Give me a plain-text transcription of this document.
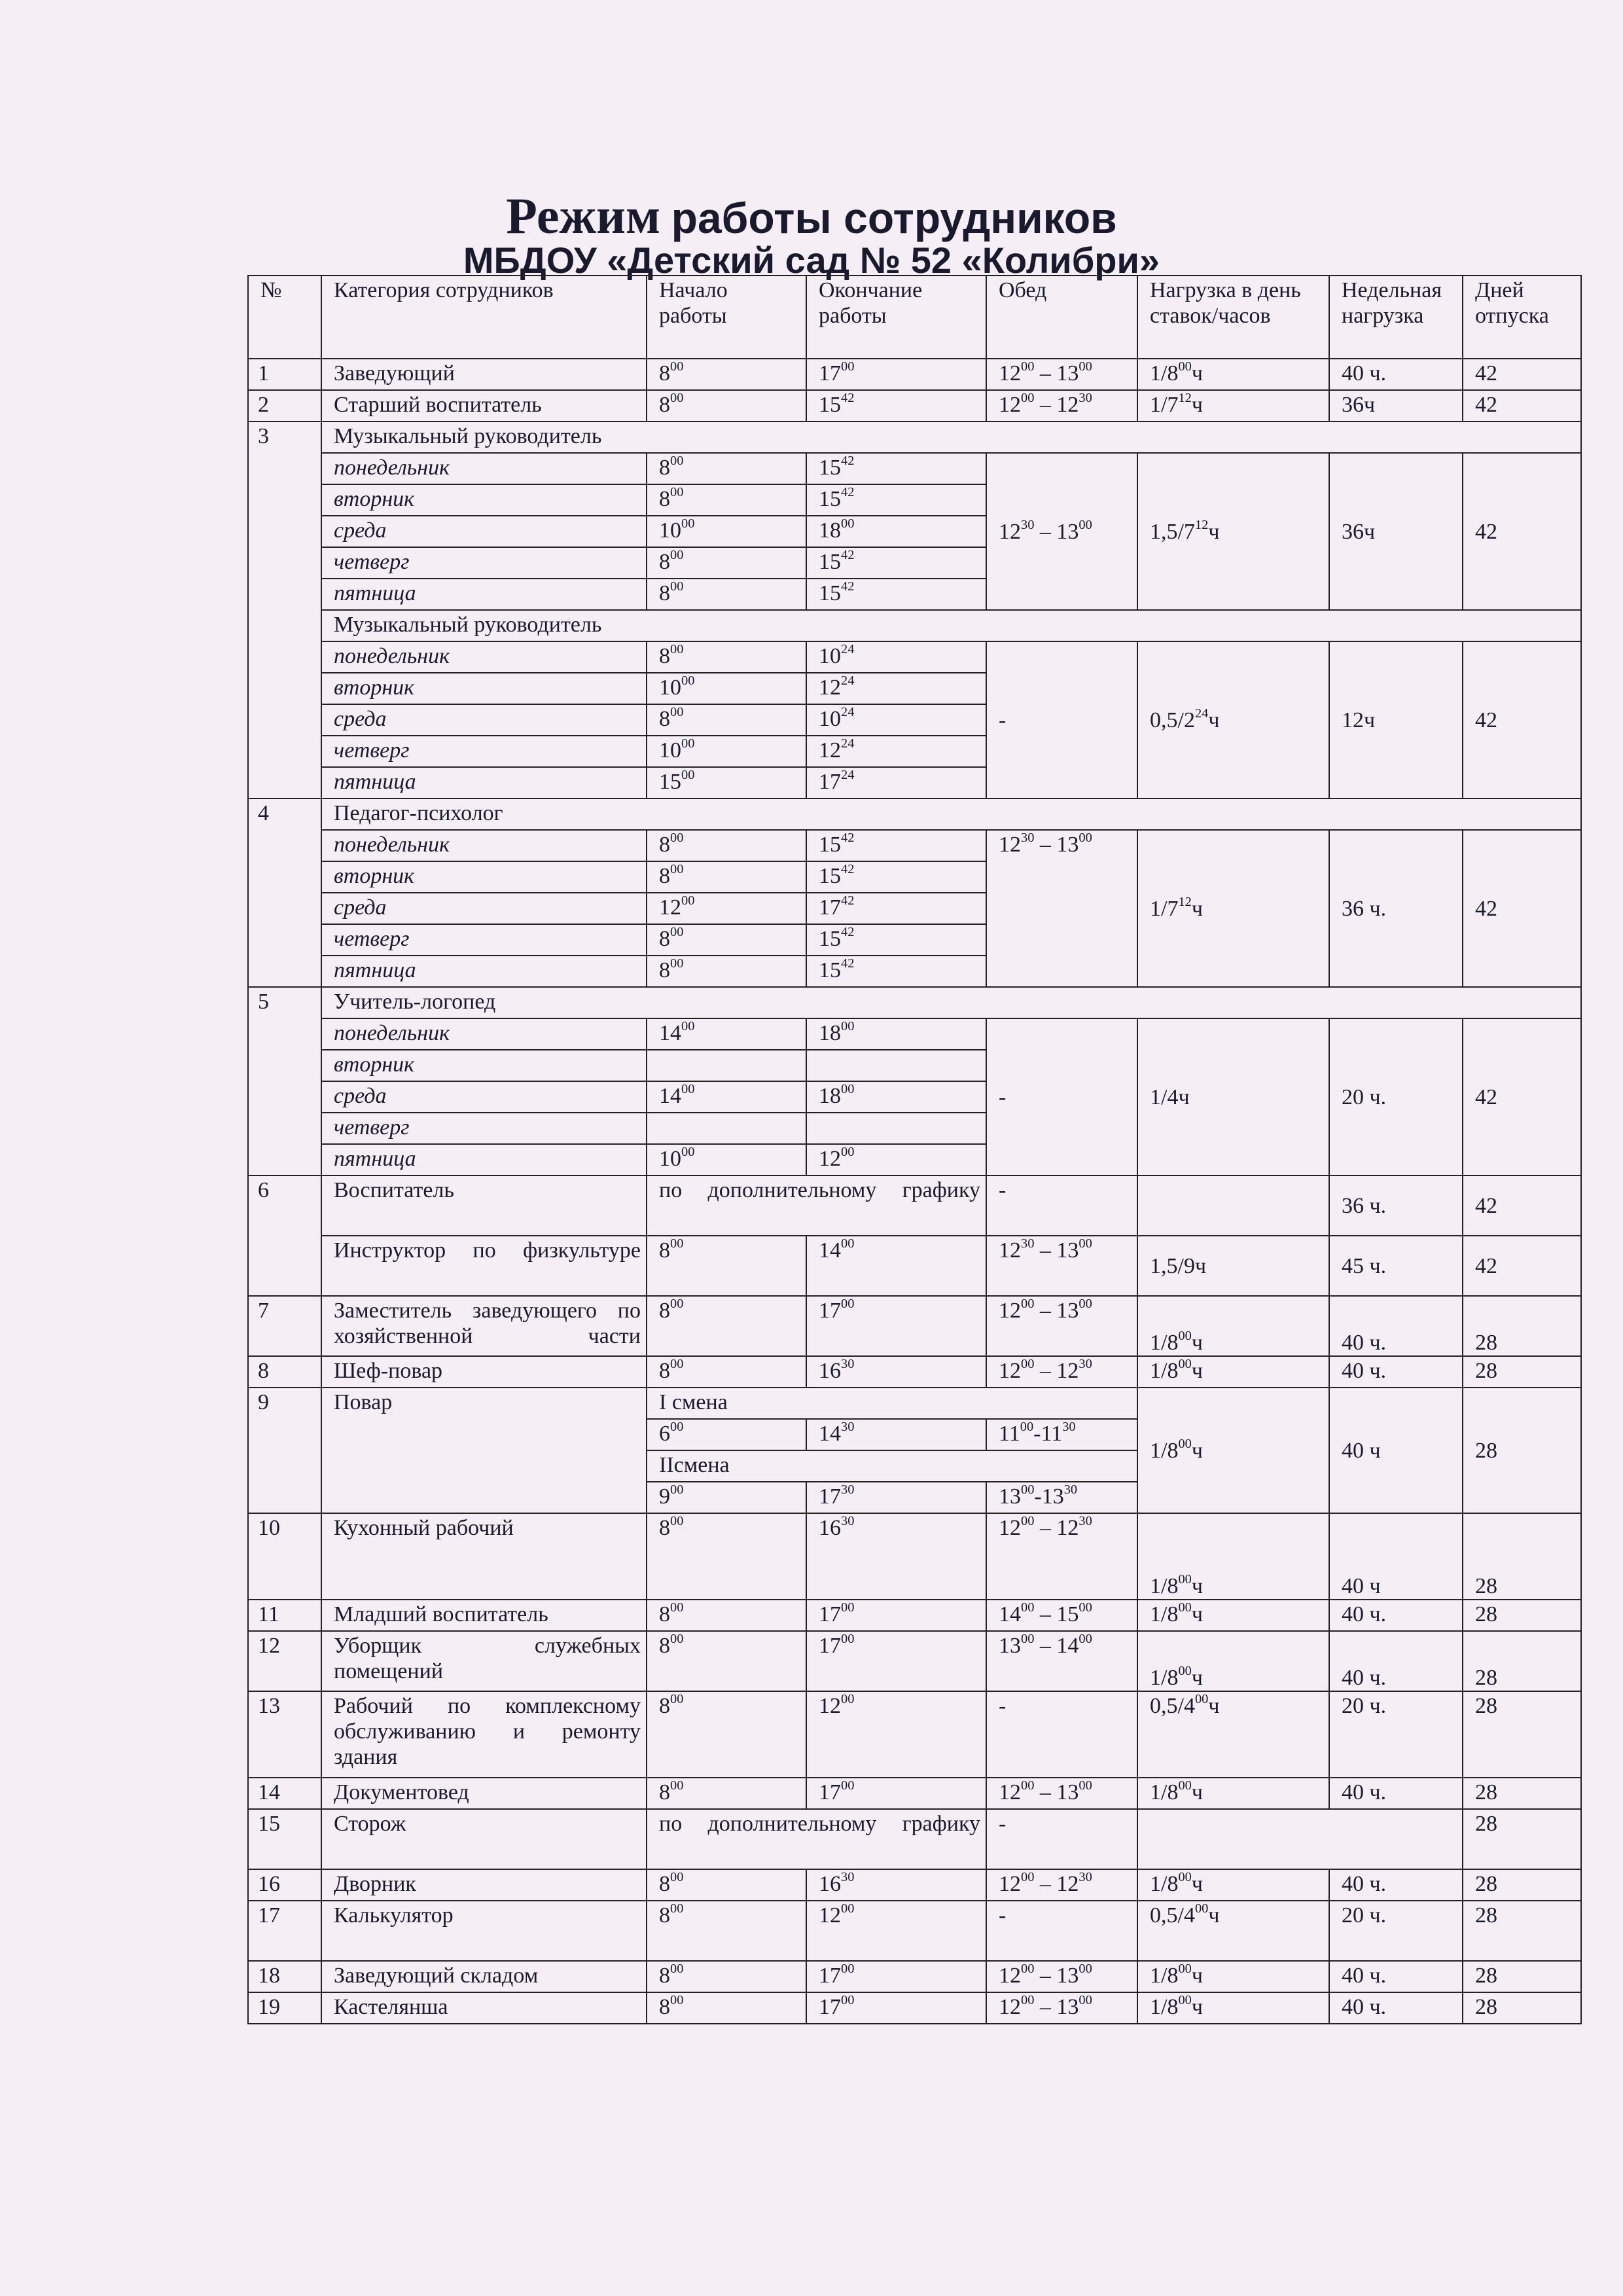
Режим работы сотрудников
МБДОУ «Детский сад № 52 «Колибри»
№	Категория сотрудников	Начало работы	Окончание работы	Обед	Нагрузка в день ставок/часов	Недельная нагрузка	Дней отпуска
1	Заведующий	$8^{00}$	$17^{00}$	$12^{00} - 13^{00}$	$1/8^{00}ч$	40 ч.	42
2	Старший воспитатель	$8^{00}$	$15^{42}$	$12^{00} - 12^{30}$	$1/7^{12}ч$	36ч	42
3	Музыкальный руководитель						
	понедельник	$8^{00}$	$15^{42}$	$12^{30} - 13^{00}$	$1,5/7^{12}ч$	36ч	42
	вторник	$8^{00}$	$15^{42}$
	среда	$10^{00}$	$18^{00}$
	четверг	$8^{00}$	$15^{42}$
	пятница	$8^{00}$	$15^{42}$
	Музыкальный руководитель						
	понедельник	$8^{00}$	$10^{24}$	-	$0,5/2^{24}ч$	12ч	42
	вторник	$10^{00}$	$12^{24}$
	среда	$8^{00}$	$10^{24}$
	четверг	$10^{00}$	$12^{24}$
	пятница	$15^{00}$	$17^{24}$
4	Педагог-психолог						
	понедельник	$8^{00}$	$15^{42}$	$12^{30} - 13^{00}$	$1/7^{12}ч$	36 ч.	42
	вторник	$8^{00}$	$15^{42}$
	среда	$12^{00}$	$17^{42}$
	четверг	$8^{00}$	$15^{42}$
	пятница	$8^{00}$	$15^{42}$
5	Учитель-логопед						
	понедельник	$14^{00}$	$18^{00}$	-	1/4ч	20 ч.	42
	вторник						
	среда	$14^{00}$	$18^{00}$
	четверг						
	пятница	$10^{00}$	$12^{00}$
6	Воспитатель	по дополнительному графику		-		36 ч.	42
	Инструктор по физкультуре	$8^{00}$	$14^{00}$	$12^{30} - 13^{00}$	1,5/9ч	45 ч.	42
7	Заместитель заведующего по хозяйственной части	$8^{00}$	$17^{00}$	$12^{00} - 13^{00}$	$1/8^{00}ч$	40 ч.	28
8	Шеф-повар	$8^{00}$	$16^{30}$	$12^{00} - 12^{30}$	$1/8^{00}ч$	40 ч.	28
9	Повар	I смена			$1/8^{00}ч$	40 ч	28
		$6^{00}$	$14^{30}$	$11^{00}-11^{30}$
		IIсмена					
		$9^{00}$	$17^{30}$	$13^{00}-13^{30}$
10	Кухонный рабочий	$8^{00}$	$16^{30}$	$12^{00} - 12^{30}$	$1/8^{00}ч$	40 ч	28
11	Младший воспитатель	$8^{00}$	$17^{00}$	$14^{00} - 15^{00}$	$1/8^{00}ч$	40 ч.	28
12	Уборщик служебных помещений	$8^{00}$	$17^{00}$	$13^{00} - 14^{00}$	$1/8^{00}ч$	40 ч.	28
13	Рабочий по комплексному обслуживанию и ремонту здания	$8^{00}$	$12^{00}$	-	$0,5/4^{00}ч$	20 ч.	28
14	Документовед	$8^{00}$	$17^{00}$	$12^{00} - 13^{00}$	$1/8^{00}ч$	40 ч.	28
15	Сторож	по дополнительному графику		-			28
16	Дворник	$8^{00}$	$16^{30}$	$12^{00} - 12^{30}$	$1/8^{00}ч$	40 ч.	28
17	Калькулятор	$8^{00}$	$12^{00}$	-	$0,5/4^{00}ч$	20 ч.	28
18	Заведующий складом	$8^{00}$	$17^{00}$	$12^{00} - 13^{00}$	$1/8^{00}ч$	40 ч.	28
19	Кастелянша	$8^{00}$	$17^{00}$	$12^{00} - 13^{00}$	$1/8^{00}ч$	40 ч.	28
